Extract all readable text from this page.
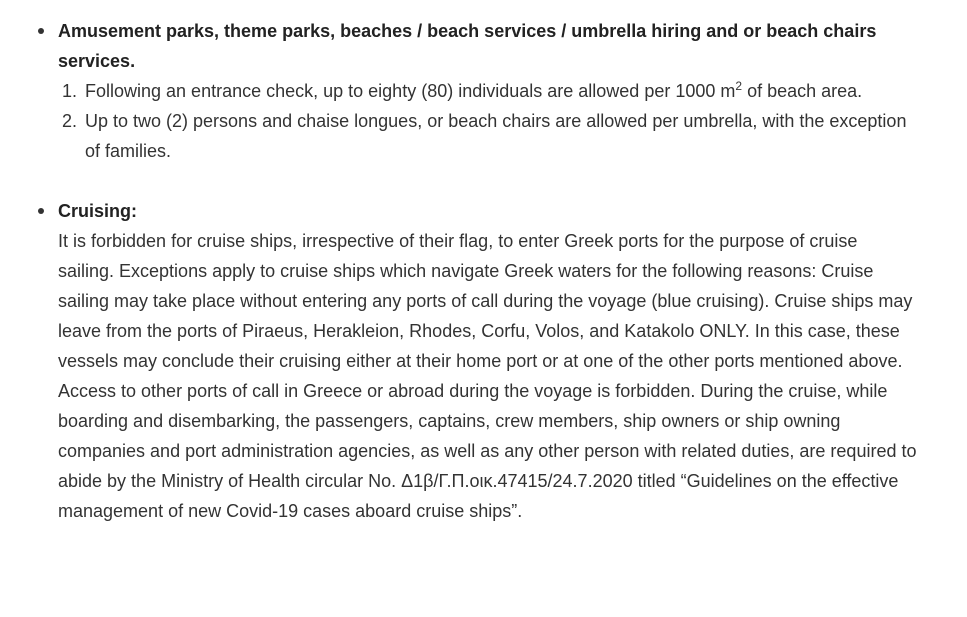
Amusement parks, theme parks, beaches / beach services / umbrella hiring and or beach chairs services.
1. Following an entrance check, up to eighty (80) individuals are allowed per 1000 $m^2$ of beach area.
2. Up to two (2) persons and chaise longues, or beach chairs are allowed per umbrella, with the exception of families.
Cruising:

It is forbidden for cruise ships, irrespective of their flag, to enter Greek ports for the purpose of cruise sailing. Exceptions apply to cruise ships which navigate Greek waters for the following reasons: Cruise sailing may take place without entering any ports of call during the voyage (blue cruising). Cruise ships may leave from the ports of Piraeus, Herakleion, Rhodes, Corfu, Volos, and Katakolo ONLY. In this case, these vessels may conclude their cruising either at their home port or at one of the other ports mentioned above. Access to other ports of call in Greece or abroad during the voyage is forbidden. During the cruise, while boarding and disembarking, the passengers, captains, crew members, ship owners or ship owning companies and port administration agencies, as well as any other person with related duties, are required to abide by the Ministry of Health circular No. Δ1β/Γ.Π.οικ.47415/24.7.2020 titled “Guidelines on the effective management of new Covid-19 cases aboard cruise ships”.
